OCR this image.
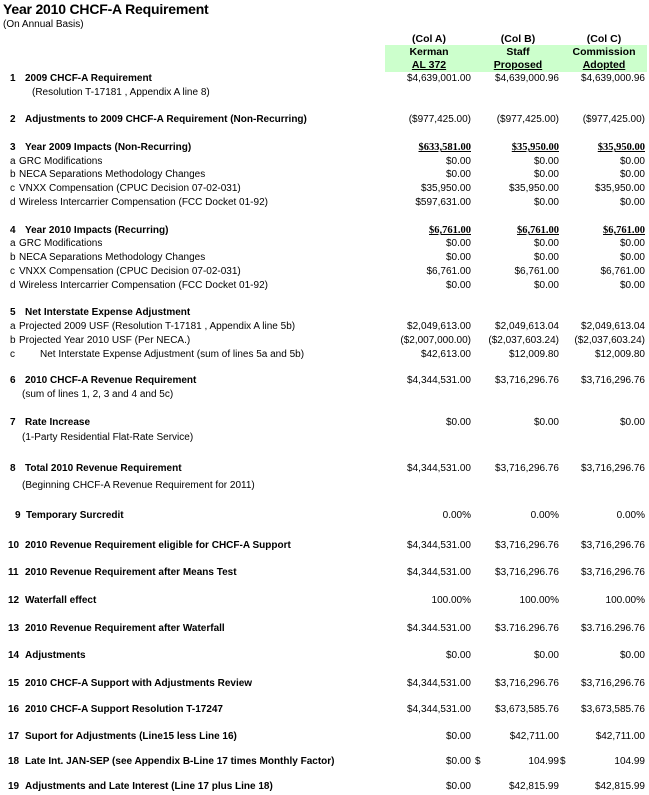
Year 2010 CHCF-A Requirement
(On Annual Basis)
(Col A)	(Col B)	(Col C)
Kerman	Staff	Commission
AL 372	Proposed	Adopted
1 2009 CHCF-A Requirement	$4,639,001.00	$4,639,000.96	$4,639,000.96
(Resolution T-17181 , Appendix A line 8)
2 Adjustments to 2009 CHCF-A Requirement (Non-Recurring)	($977,425.00)	($977,425.00)	($977,425.00)
3 Year 2009 Impacts (Non-Recurring)	$633,581.00	$35,950.00	$35,950.00
a GRC Modifications	$0.00	$0.00	$0.00
b NECA Separations Methodology Changes	$0.00	$0.00	$0.00
c VNXX Compensation (CPUC Decision 07-02-031)	$35,950.00	$35,950.00	$35,950.00
d Wireless Intercarrier Compensation (FCC Docket 01-92)	$597,631.00	$0.00	$0.00
4 Year 2010 Impacts (Recurring)	$6,761.00	$6,761.00	$6,761.00
a GRC Modifications	$0.00	$0.00	$0.00
b NECA Separations Methodology Changes	$0.00	$0.00	$0.00
c VNXX Compensation (CPUC Decision 07-02-031)	$6,761.00	$6,761.00	$6,761.00
d Wireless Intercarrier Compensation (FCC Docket 01-92)	$0.00	$0.00	$0.00
5 Net Interstate Expense Adjustment
a Projected 2009 USF (Resolution T-17181 , Appendix A line 5b)	$2,049,613.00	$2,049,613.04	$2,049,613.04
b Projected Year 2010 USF (Per NECA.)	($2,007,000.00)	($2,037,603.24)	($2,037,603.24)
c	Net Interstate Expense Adjustment (sum of lines 5a and 5b)	$42,613.00	$12,009.80	$12,009.80
6 2010 CHCF-A Revenue Requirement	$4,344,531.00	$3,716,296.76	$3,716,296.76
(sum of lines 1, 2, 3 and 4 and 5c)
7 Rate Increase	$0.00	$0.00	$0.00
(1-Party Residential Flat-Rate Service)
8 Total 2010 Revenue Requirement	$4,344,531.00	$3,716,296.76	$3,716,296.76
(Beginning CHCF-A Revenue Requirement for 2011)
9 Temporary Surcredit	0.00%	0.00%	0.00%
10 2010 Revenue Requirement eligible for CHCF-A Support	$4,344,531.00	$3,716,296.76	$3,716,296.76
11 2010 Revenue Requirement after Means Test	$4,344,531.00	$3,716,296.76	$3,716,296.76
12 Waterfall effect	100.00%	100.00%	100.00%
13 2010 Revenue Requirement after Waterfall	$4.344.531.00	$3.716.296.76	$3.716.296.76
14 Adjustments	$0.00	$0.00	$0.00
15 2010 CHCF-A Support with Adjustments Review	$4,344,531.00	$3,716,296.76	$3,716,296.76
16 2010 CHCF-A Support Resolution T-17247	$4,344,531.00	$3,673,585.76	$3,673,585.76
17 Suport for Adjustments (Line15 less Line 16)	$0.00	$42,711.00	$42,711.00
18 Late Int. JAN-SEP (see Appendix B-Line 17 times Monthly Factor)	$0.00 $	104.99 $	104.99
19 Adjustments and Late Interest (Line 17 plus Line 18)	$0.00	$42,815.99	$42,815.99
